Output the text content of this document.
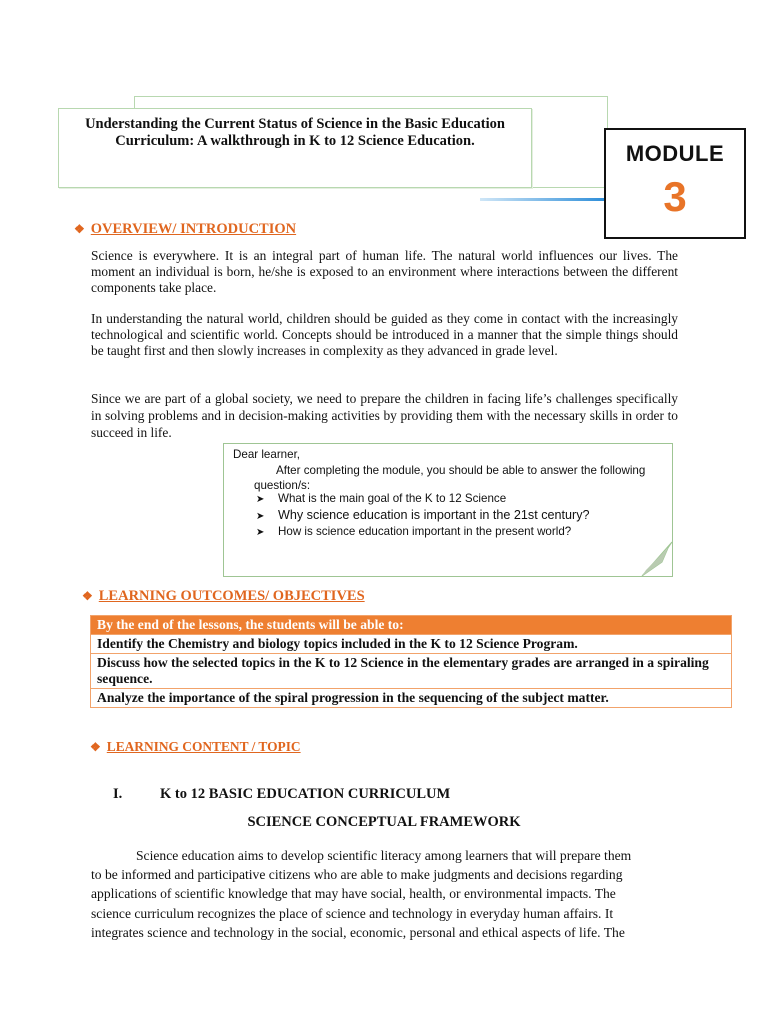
Understanding the Current Status of Science in the Basic Education
Curriculum: A walkthrough in K to 12 Science Education.	MODULE
3
❖ OVERVIEW/ INTRODUCTION
Science is everywhere. It is an integral part of human life. The natural world influences our lives. The moment an individual is born, he/she is exposed to an environment where interactions between the different components take place.
In understanding the natural world, children should be guided as they come in contact with the increasingly technological and scientific world. Concepts should be introduced in a manner that the simple things should be taught first and then slowly increases in complexity as they advanced in grade level.
Since we are part of a global society, we need to prepare the children in facing life’s challenges specifically in solving problems and in decision-making activities by providing them with the necessary skills in order to succeed in life.
Dear learner,
After completing the module, you should be able to answer the following question/s:
➤ What is the main goal of the K to 12 Science
➤ Why science education is important in the 21st century?
➤ How is science education important in the present world?
❖ LEARNING OUTCOMES/ OBJECTIVES
By the end of the lessons, the students will be able to:
Identify the Chemistry and biology topics included in the K to 12 Science Program.
Discuss how the selected topics in the K to 12 Science in the elementary grades are arranged in a spiraling sequence.
Analyze the importance of the spiral progression in the sequencing of the subject matter.
❖ LEARNING CONTENT / TOPIC
I.	K to 12 BASIC EDUCATION CURRICULUM
SCIENCE CONCEPTUAL FRAMEWORK
Science education aims to develop scientific literacy among learners that will prepare them
to be informed and participative citizens who are able to make judgments and decisions regarding
applications of scientific knowledge that may have social, health, or environmental impacts. The
science curriculum recognizes the place of science and technology in everyday human affairs. It
integrates science and technology in the social, economic, personal and ethical aspects of life. The
